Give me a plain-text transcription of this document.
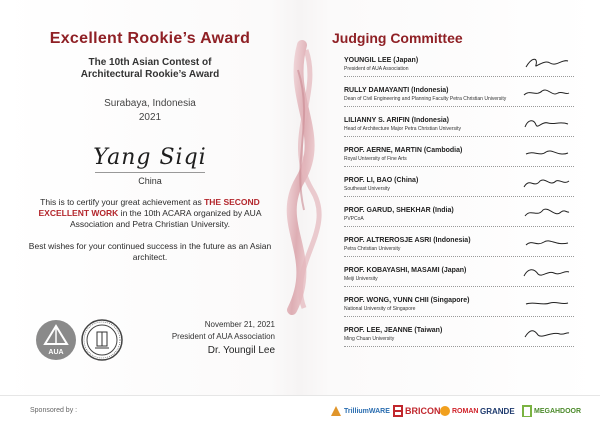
Excellent Rookie’s Award
The 10th Asian Contest of
Architectural Rookie’s Award
Surabaya, Indonesia
2021
Yang Siqi
China
This is to certify your great achievement as THE SECOND EXCELLENT WORK in the 10th ACARA organized by AUA Association and Petra Christian University.
Best wishes for your continued success in the future as an Asian architect.
AUA
November 21, 2021
President of AUA Association
Dr. Youngil Lee
Judging Committee
YOUNGIL LEE (Japan)
President of AUA Association
RULLY DAMAYANTI (Indonesia)
Dean of Civil Engineering and Planning Faculty Petra Christian University
LILIANNY S. ARIFIN (Indonesia)
Head of Architecture Major Petra Christian University
PROF. AERNE, MARTIN (Cambodia)
Royal University of Fine Arts
PROF. LI, BAO (China)
Southeast University
PROF. GARUD, SHEKHAR (India)
PVPCoA
PROF. ALTREROSJE ASRI (Indonesia)
Petra Christian University
PROF. KOBAYASHI, MASAMI (Japan)
Meiji University
PROF. WONG, YUNN CHII (Singapore)
National University of Singapore
PROF. LEE, JEANNE (Taiwan)
Ming Chuan University
Sponsored by :	TrilliumWARE BRICON ROMAN GRANDE	MEGAHDOOR
